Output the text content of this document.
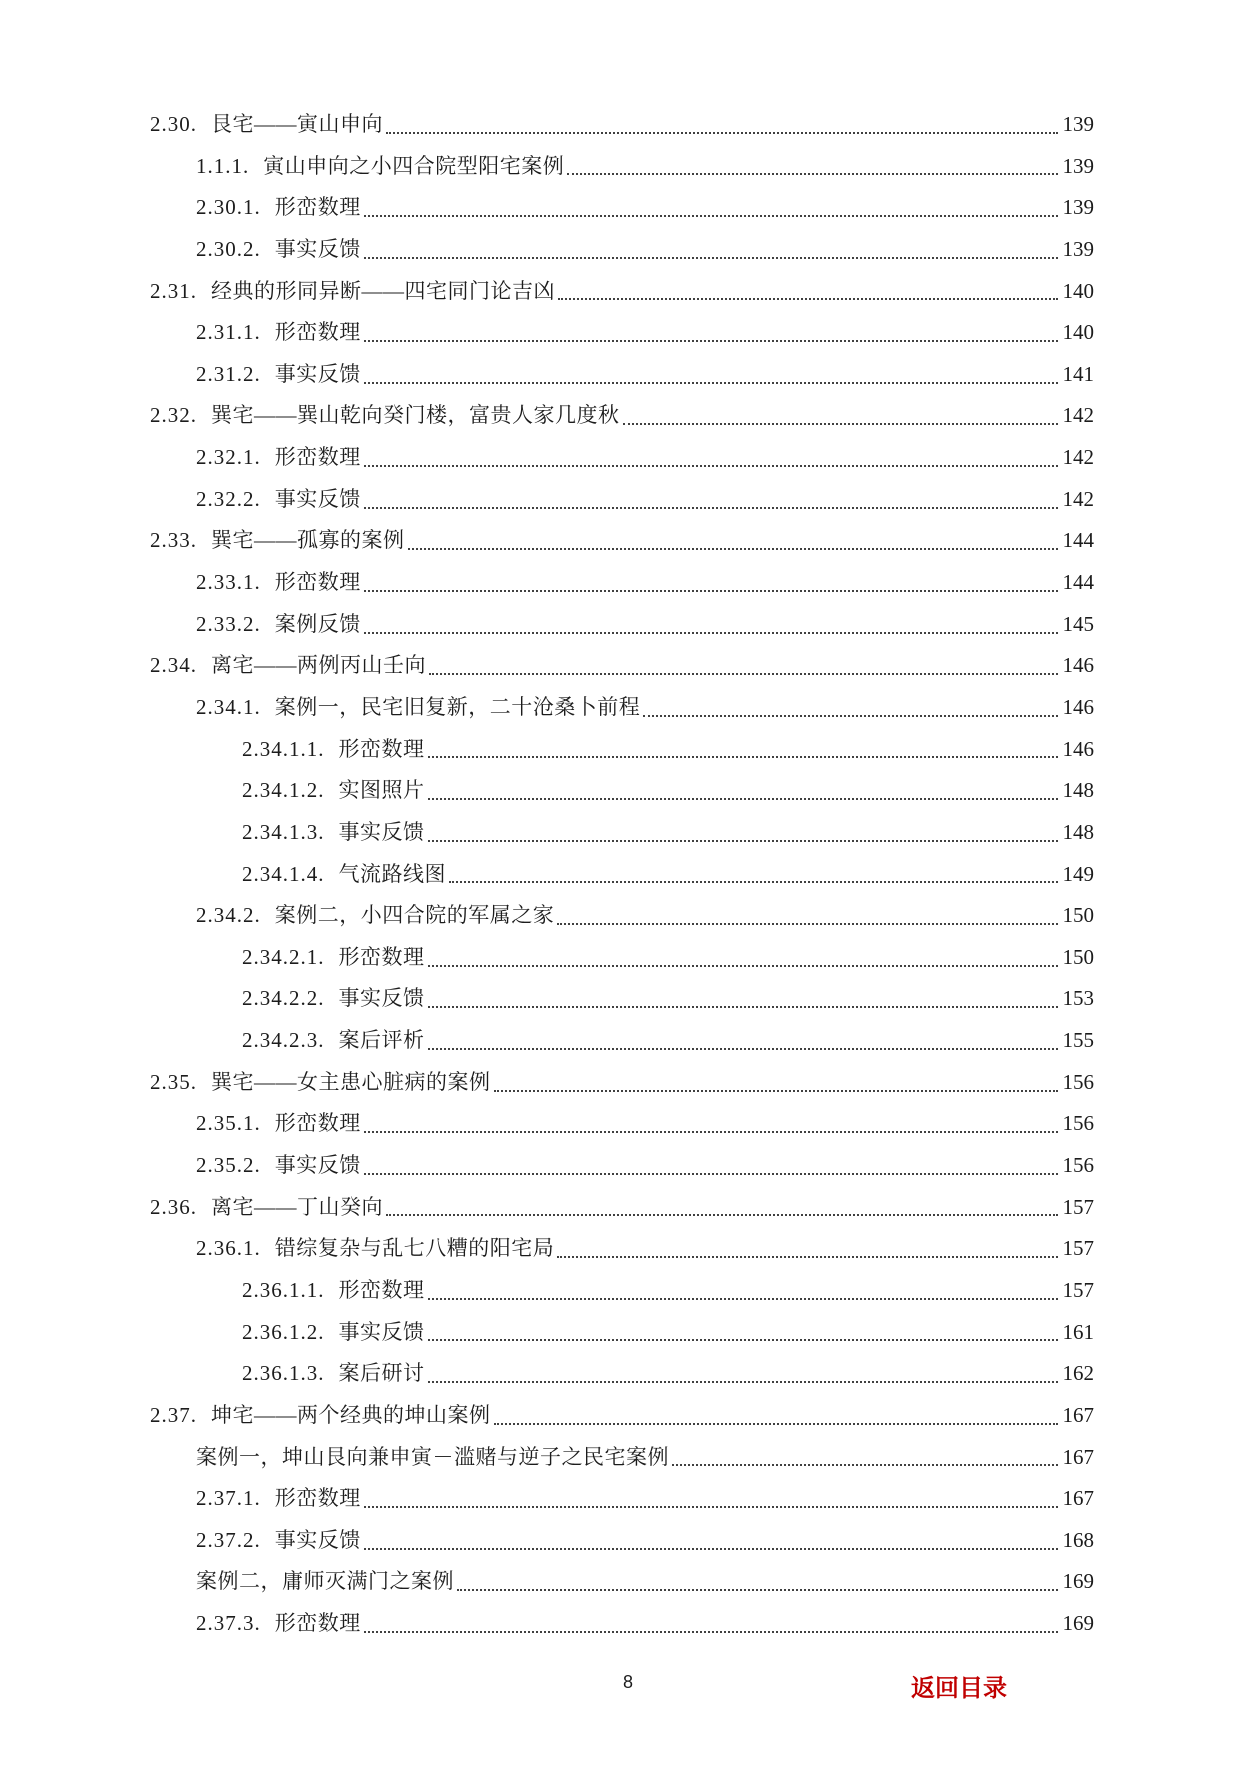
2.30. 艮宅——寅山申向	139
1.1.1. 寅山申向之小四合院型阳宅案例	139
2.30.1. 形峦数理	139
2.30.2. 事实反馈	139
2.31. 经典的形同异断——四宅同门论吉凶	140
2.31.1. 形峦数理	140
2.31.2. 事实反馈	141
2.32. 巽宅——巽山乾向癸门楼，富贵人家几度秋	142
2.32.1. 形峦数理	142
2.32.2. 事实反馈	142
2.33. 巽宅——孤寡的案例	144
2.33.1. 形峦数理	144
2.33.2. 案例反馈	145
2.34. 离宅——两例丙山壬向	146
2.34.1. 案例一，民宅旧复新，二十沧桑卜前程	146
2.34.1.1. 形峦数理	146
2.34.1.2. 实图照片	148
2.34.1.3. 事实反馈	148
2.34.1.4. 气流路线图	149
2.34.2. 案例二，小四合院的军属之家	150
2.34.2.1. 形峦数理	150
2.34.2.2. 事实反馈	153
2.34.2.3. 案后评析	155
2.35. 巽宅——女主患心脏病的案例	156
2.35.1. 形峦数理	156
2.35.2. 事实反馈	156
2.36. 离宅——丁山癸向	157
2.36.1. 错综复杂与乱七八糟的阳宅局	157
2.36.1.1. 形峦数理	157
2.36.1.2. 事实反馈	161
2.36.1.3. 案后研讨	162
2.37. 坤宅——两个经典的坤山案例	167
案例一，坤山艮向兼申寅－滥赌与逆子之民宅案例	167
2.37.1. 形峦数理	167
2.37.2. 事实反馈	168
案例二，庸师灭满门之案例	169
2.37.3. 形峦数理	169
8	返回目录
